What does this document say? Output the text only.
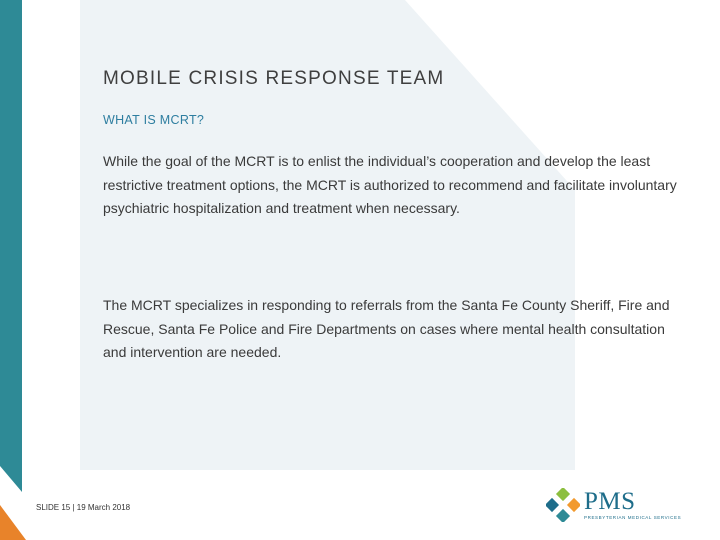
MOBILE CRISIS RESPONSE TEAM
WHAT IS MCRT?
While the goal of the MCRT is to enlist the individual’s cooperation and develop the least restrictive treatment options, the MCRT is authorized to recommend and facilitate involuntary psychiatric hospitalization and treatment when necessary.
The MCRT specializes in responding to referrals from the Santa Fe County Sheriff, Fire and Rescue, Santa Fe Police and Fire Departments on cases where mental health consultation and intervention are needed.
SLIDE 15 | 19 March 2018	PMS
PRESBYTERIAN MEDICAL SERVICES
